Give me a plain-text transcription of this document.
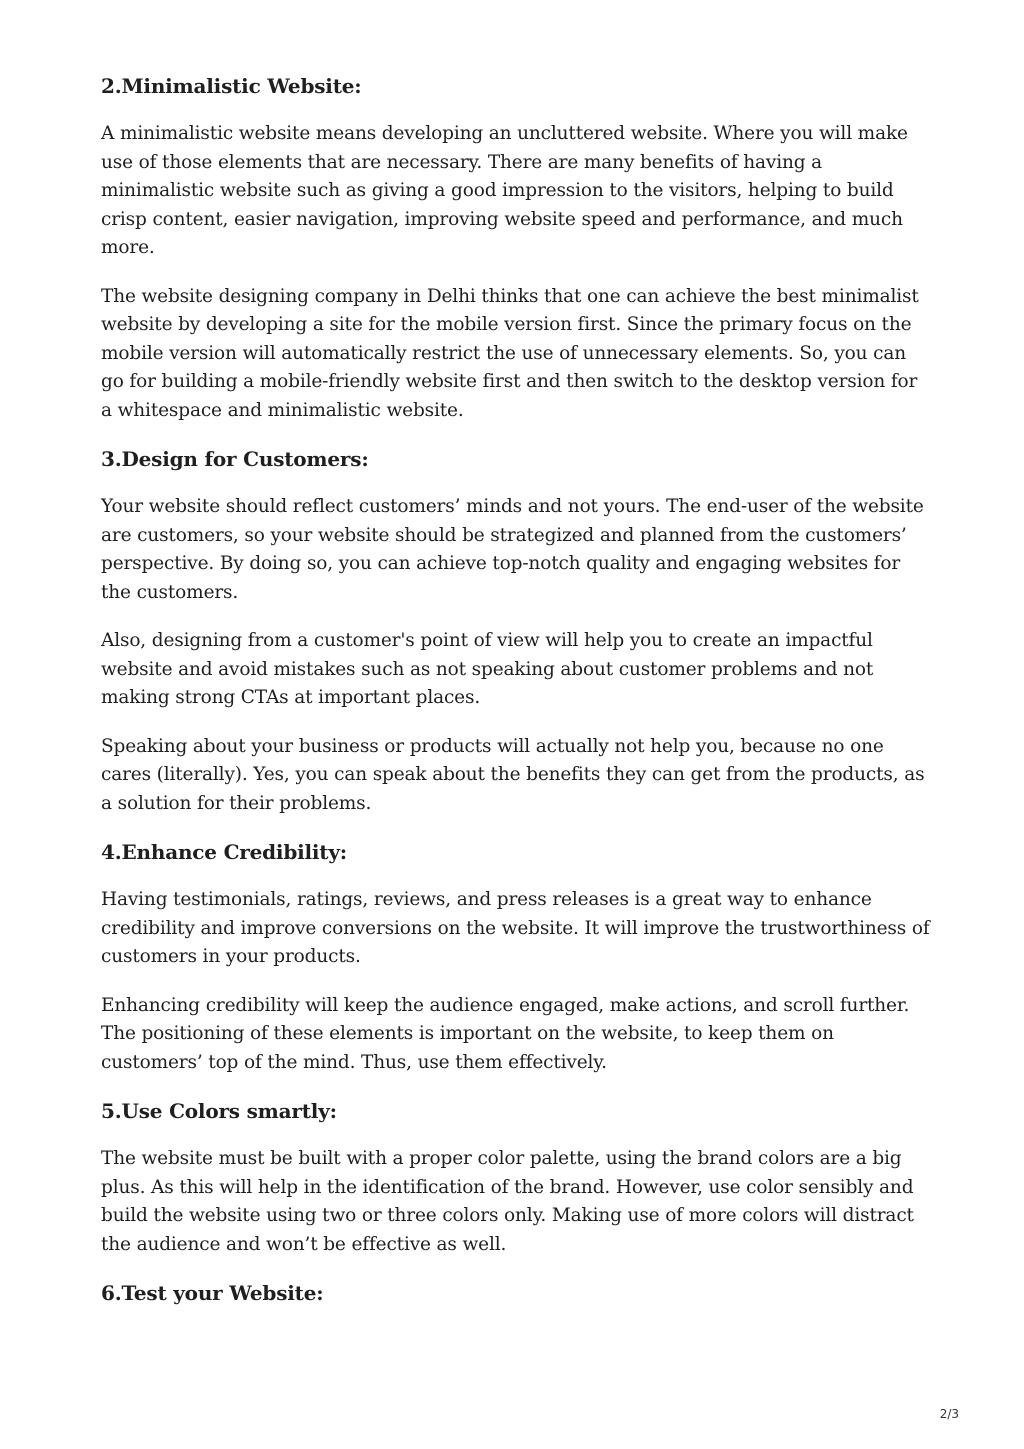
2.Minimalistic Website:

A minimalistic website means developing an uncluttered website. Where you will make use of those elements that are necessary. There are many benefits of having a minimalistic website such as giving a good impression to the visitors, helping to build crisp content, easier navigation, improving website speed and performance, and much more.

The website designing company in Delhi thinks that one can achieve the best minimalist website by developing a site for the mobile version first. Since the primary focus on the mobile version will automatically restrict the use of unnecessary elements. So, you can go for building a mobile-friendly website first and then switch to the desktop version for a whitespace and minimalistic website.

3.Design for Customers:

Your website should reflect customers’ minds and not yours. The end-user of the website are customers, so your website should be strategized and planned from the customers’ perspective. By doing so, you can achieve top-notch quality and engaging websites for the customers.

Also, designing from a customer's point of view will help you to create an impactful website and avoid mistakes such as not speaking about customer problems and not making strong CTAs at important places.

Speaking about your business or products will actually not help you, because no one cares (literally). Yes, you can speak about the benefits they can get from the products, as a solution for their problems.

4.Enhance Credibility:

Having testimonials, ratings, reviews, and press releases is a great way to enhance credibility and improve conversions on the website. It will improve the trustworthiness of customers in your products.

Enhancing credibility will keep the audience engaged, make actions, and scroll further. The positioning of these elements is important on the website, to keep them on customers’ top of the mind. Thus, use them effectively.

5.Use Colors smartly:

The website must be built with a proper color palette, using the brand colors are a big plus. As this will help in the identification of the brand. However, use color sensibly and build the website using two or three colors only. Making use of more colors will distract the audience and won’t be effective as well.

6.Test your Website:
2/3
